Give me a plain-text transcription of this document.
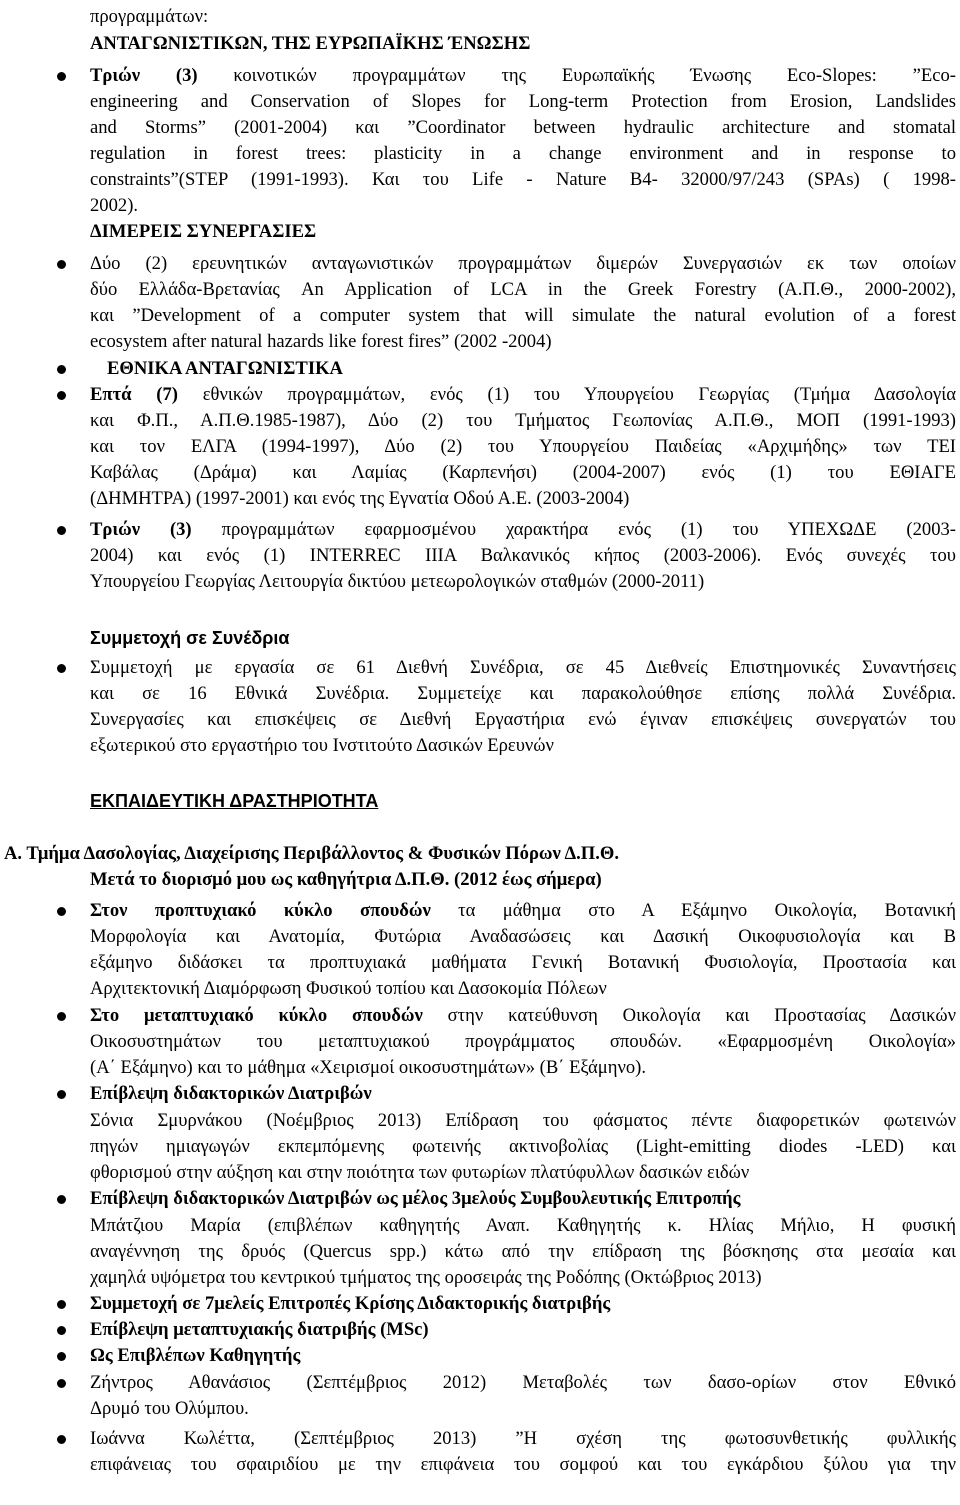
προγραμμάτων:
ΑΝΤΑΓΩΝΙΣΤΙΚΩΝ, ΤΗΣ ΕΥΡΩΠΑΪΚΗΣ ΈΝΩΣΗΣ
Τριών (3) κοινοτικών προγραμμάτων της Ευρωπαϊκής Ένωσης Eco-Slopes: ”Eco-
engineering and Conservation of Slopes for Long-term Protection from Erosion, Landslides
and Storms” (2001-2004) και ”Coordinator between hydraulic architecture and stomatal
regulation in forest trees: plasticity in a change environment and in response to
constraints”(STEP (1991-1993). Και του Life - Nature B4- 32000/97/243 (SPAs) ( 1998-
2002).
ΔΙΜΕΡΕΙΣ ΣΥΝΕΡΓΑΣΙΕΣ
Δύο (2) ερευνητικών ανταγωνιστικών προγραμμάτων διμερών Συνεργασιών εκ των οποίων
δύο Ελλάδα-Βρετανίας An Application of LCA in the Greek Forestry (Α.Π.Θ., 2000-2002),
και ”Development of a computer system that will simulate the natural evolution of a forest
ecosystem after natural hazards like forest fires” (2002 -2004)
ΕΘΝΙΚΑ ΑΝΤΑΓΩΝΙΣΤΙΚΑ
Επτά (7) εθνικών προγραμμάτων, ενός (1) του Υπουργείου Γεωργίας (Τμήμα Δασολογία
και Φ.Π., Α.Π.Θ.1985-1987), Δύο (2) του Τμήματος Γεωπονίας Α.Π.Θ., ΜΟΠ (1991-1993)
και τον ΕΛΓΑ (1994-1997), Δύο (2) του Υπουργείου Παιδείας «Αρχιμήδης» των ΤΕΙ
Καβάλας (Δράμα) και Λαμίας (Καρπενήσι) (2004-2007) ενός (1) του ΕΘΙΑΓΕ
(ΔΗΜΗΤΡΑ) (1997-2001) και ενός της Εγνατία Οδού Α.Ε. (2003-2004)
Τριών (3) προγραμμάτων εφαρμοσμένου χαρακτήρα ενός (1) του ΥΠΕΧΩΔΕ (2003-
2004) και ενός (1) INTERREC IIIA Βαλκανικός κήπος (2003-2006). Ενός συνεχές του
Υπουργείου Γεωργίας Λειτουργία δικτύου μετεωρολογικών σταθμών (2000-2011)
Συμμετοχή σε Συνέδρια
Συμμετοχή με εργασία σε 61 Διεθνή Συνέδρια, σε 45 Διεθνείς Επιστημονικές Συναντήσεις
και σε 16 Εθνικά Συνέδρια. Συμμετείχε και παρακολούθησε επίσης πολλά Συνέδρια.
Συνεργασίες και επισκέψεις σε Διεθνή Εργαστήρια ενώ έγιναν επισκέψεις συνεργατών του
εξωτερικού στο εργαστήριο του Ινστιτούτο Δασικών Ερευνών
ΕΚΠΑΙΔΕΥΤΙΚΗ ΔΡΑΣΤΗΡΙΟΤΗΤΑ
Α. Τμήμα Δασολογίας, Διαχείρισης Περιβάλλοντος & Φυσικών Πόρων Δ.Π.Θ.
Μετά το διορισμό μου ως καθηγήτρια Δ.Π.Θ. (2012 έως σήμερα)
Στον προπτυχιακό κύκλο σπουδών τα μάθημα στο Α Εξάμηνο Οικολογία, Βοτανική
Μορφολογία και Ανατομία, Φυτώρια Αναδασώσεις και Δασική Οικοφυσιολογία και Β
εξάμηνο διδάσκει τα προπτυχιακά μαθήματα Γενική Βοτανική Φυσιολογία, Προστασία και
Αρχιτεκτονική Διαμόρφωση Φυσικού τοπίου και Δασοκομία Πόλεων
Στο μεταπτυχιακό κύκλο σπουδών στην κατεύθυνση Οικολογία και Προστασίας Δασικών
Οικοσυστημάτων του μεταπτυχιακού προγράμματος σπουδών. «Εφαρμοσμένη Οικολογία»
(Α΄ Εξάμηνο) και το μάθημα «Χειρισμοί οικοσυστημάτων» (Β΄ Εξάμηνο).
Επίβλεψη διδακτορικών Διατριβών
Σόνια Σμυρνάκου (Νοέμβριος 2013) Επίδραση του φάσματος πέντε διαφορετικών φωτεινών
πηγών ημιαγωγών εκπεμπόμενης φωτεινής ακτινοβολίας (Light-emitting diodes -LED) και
φθορισμού στην αύξηση και στην ποιότητα των φυτωρίων πλατύφυλλων δασικών ειδών
Επίβλεψη διδακτορικών Διατριβών ως μέλος 3μελούς Συμβουλευτικής Επιτροπής
Μπάτζιου Μαρία (επιβλέπων καθηγητής Αναπ. Καθηγητής κ. Ηλίας Μήλιο, Η φυσική
αναγέννηση της δρυός (Quercus spp.) κάτω από την επίδραση της βόσκησης στα μεσαία και
χαμηλά υψόμετρα του κεντρικού τμήματος της οροσειράς της Ροδόπης (Οκτώβριος 2013)
Συμμετοχή σε 7μελείς Επιτροπές Κρίσης Διδακτορικής διατριβής
Επίβλεψη μεταπτυχιακής διατριβής (MSc)
Ως Επιβλέπων Καθηγητής
Ζήντρος Αθανάσιος (Σεπτέμβριος 2012) Μεταβολές των δασο-ορίων στον Εθνικό
Δρυμό του Ολύμπου.
Ιωάννα Κωλέττα, (Σεπτέμβριος 2013) ”Η σχέση της φωτοσυνθετικής φυλλικής
επιφάνειας του σφαιριδίου με την επιφάνεια του σομφού και του εγκάρδιου ξύλου για την
